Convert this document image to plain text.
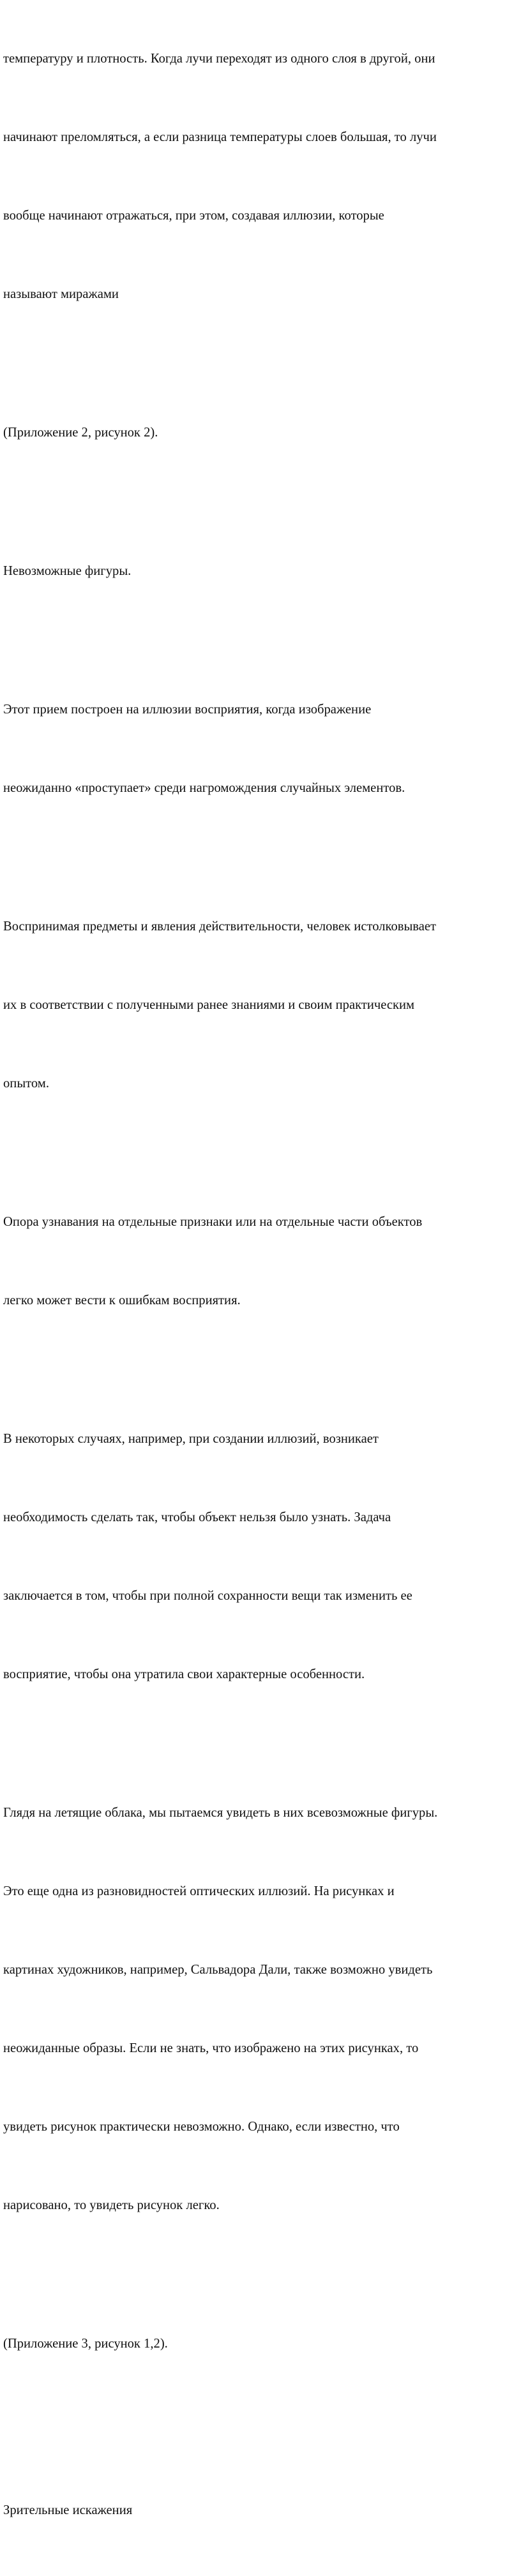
температуру и плотность. Когда лучи переходят из одного слоя в другой, они

начинают преломляться, а если разница температуры слоев большая, то лучи

вообще начинают отражаться, при этом, создавая иллюзии, которые

называют миражами

(Приложение 2, рисунок 2).

Невозможные фигуры.

Этот прием построен на иллюзии восприятия, когда изображение

неожиданно «проступает» среди нагромождения случайных элементов.

Воспринимая предметы и явления действительности, человек истолковывает

их в соответствии с полученными ранее знаниями и своим практическим

опытом.

Опора узнавания на отдельные признаки или на отдельные части объектов

легко может вести к ошибкам восприятия.

В некоторых случаях, например, при создании иллюзий, возникает

необходимость сделать так, чтобы объект нельзя было узнать. Задача

заключается в том, чтобы при полной сохранности вещи так изменить ее

восприятие, чтобы она утратила свои характерные особенности.

Глядя на летящие облака, мы пытаемся увидеть в них всевозможные фигуры.

Это еще одна из разновидностей оптических иллюзий. На рисунках и

картинах художников, например, Сальвадора Дали, также возможно увидеть

неожиданные образы. Если не знать, что изображено на этих рисунках, то

увидеть рисунок практически невозможно. Однако, если известно, что

нарисовано, то увидеть рисунок легко.

(Приложение 3, рисунок 1,2).

Зрительные искажения
